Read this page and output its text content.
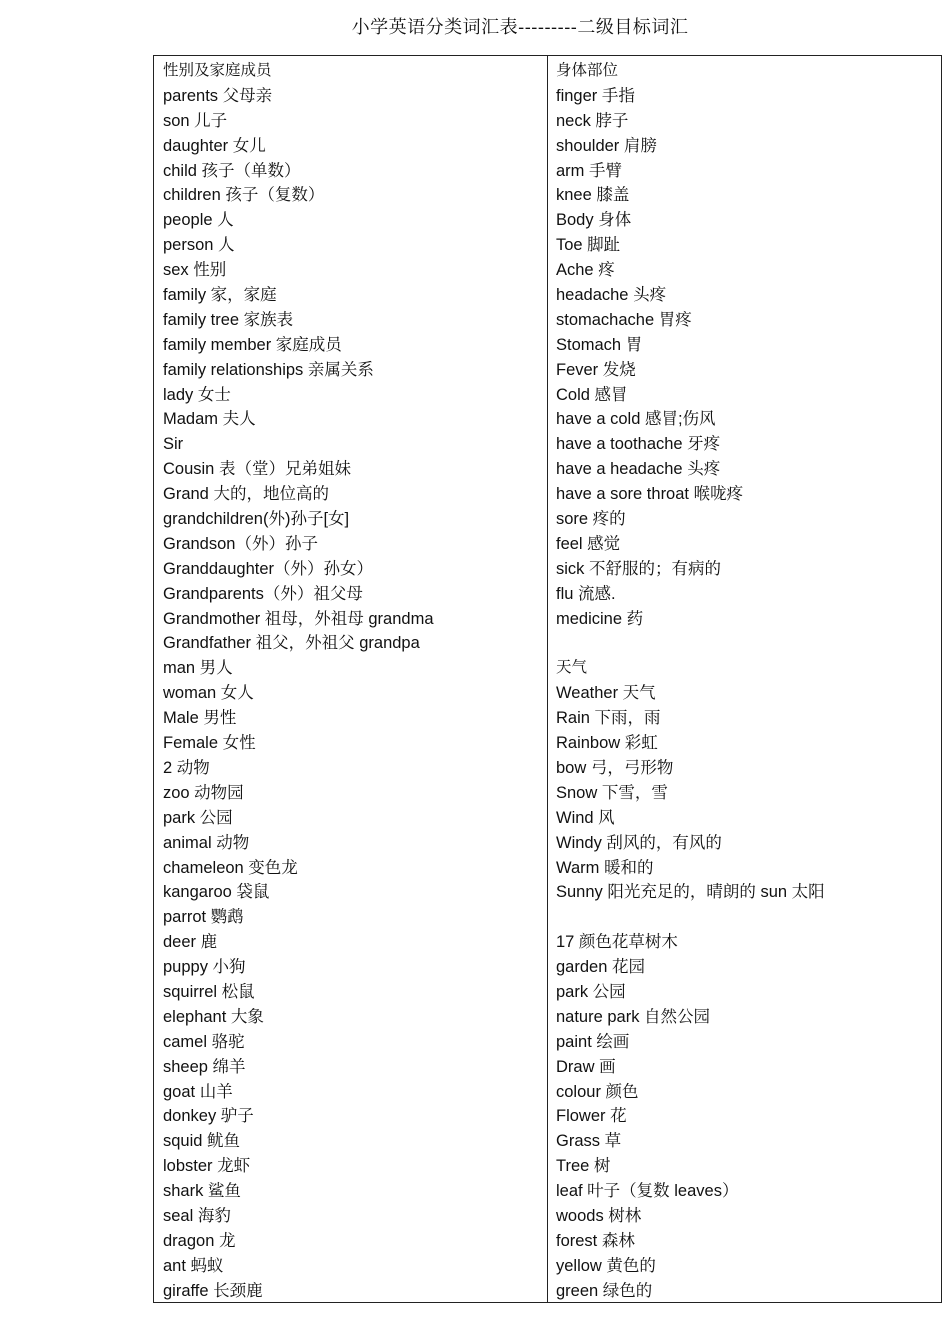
小学英语分类词汇表---------二级目标词汇
性别及家庭成员
parents 父母亲
son 儿子
daughter 女儿
child 孩子（单数）
children 孩子（复数）
people 人
person 人
sex 性别
family 家，家庭
family tree 家族表
family member 家庭成员
family relationships 亲属关系
lady 女士
Madam 夫人
Sir
Cousin 表（堂）兄弟姐妹
Grand 大的，地位高的
grandchildren(外)孙子[女]
Grandson（外）孙子
Granddaughter（外）孙女）
Grandparents（外）祖父母
Grandmother 祖母，外祖母 grandma
Grandfather 祖父，外祖父 grandpa
man 男人
woman 女人
Male 男性
Female 女性
2 动物
zoo 动物园
park 公园
animal 动物
chameleon 变色龙
kangaroo 袋鼠
parrot 鹦鹉
deer 鹿
puppy 小狗
squirrel 松鼠
elephant 大象
camel 骆驼
sheep 绵羊
goat 山羊
donkey 驴子
squid 鱿鱼
lobster 龙虾
shark 鲨鱼
seal 海豹
dragon 龙
ant 蚂蚁
giraffe 长颈鹿
身体部位
finger 手指
neck 脖子
shoulder 肩膀
arm 手臂
knee 膝盖
Body 身体
Toe 脚趾
Ache 疼
headache 头疼
stomachache 胃疼
Stomach 胃
Fever 发烧
Cold 感冒
have a cold 感冒;伤风
have a toothache 牙疼
have a headache 头疼
have a sore throat 喉咙疼
sore 疼的
feel 感觉
sick 不舒服的；有病的
flu 流感.
medicine 药
天气
Weather 天气
Rain 下雨，雨
Rainbow 彩虹
bow 弓，弓形物
Snow 下雪，雪
Wind 风
Windy 刮风的，有风的
Warm 暖和的
Sunny 阳光充足的，晴朗的 sun 太阳
17 颜色花草树木
garden 花园
park 公园
nature park 自然公园
paint 绘画
Draw 画
colour 颜色
Flower 花
Grass 草
Tree 树
leaf 叶子（复数 leaves）
woods 树林
forest 森林
yellow 黄色的
green 绿色的
